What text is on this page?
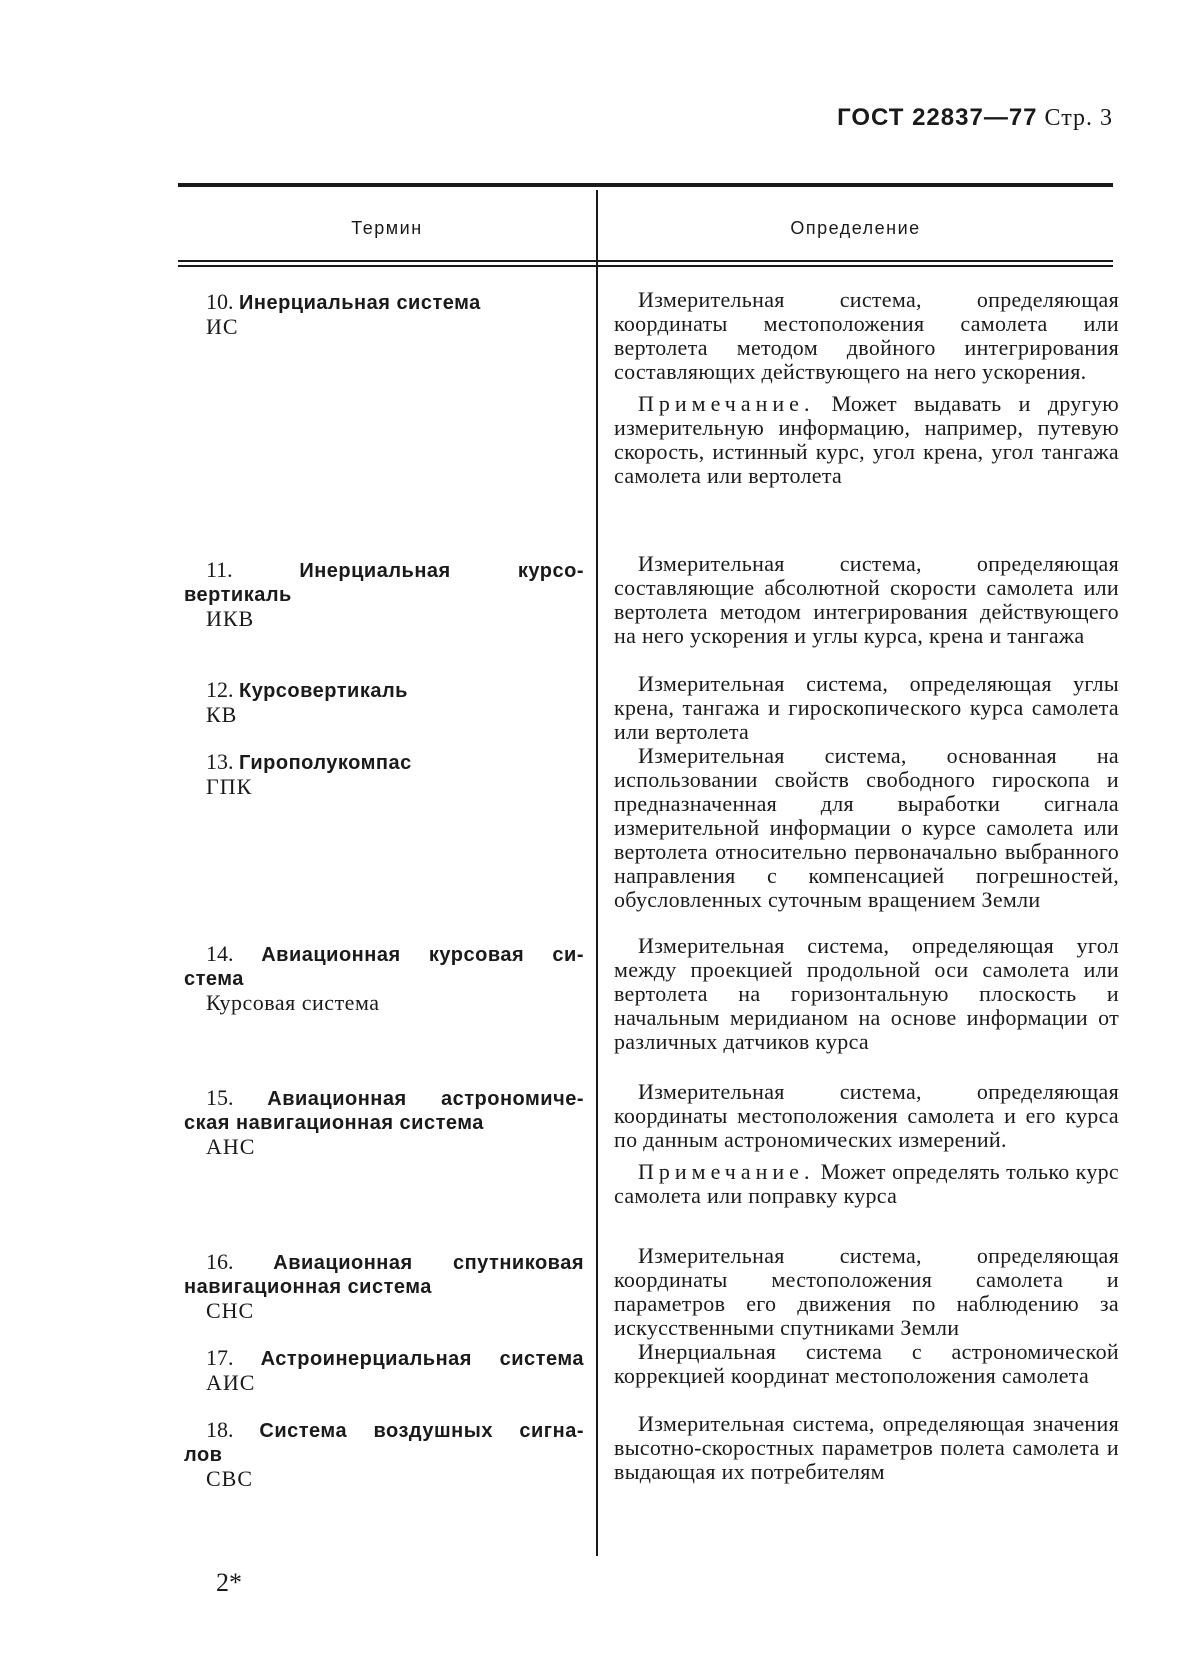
ГОСТ 22837—77 Стр. 3
Термин	Определение
10. Инерциальная система
ИС
Измерительная система, определяющая координаты местоположения самолета или вертолета методом двойного интегрирования составляющих действующего на него ускорения.
Примечание. Может выдавать и другую измерительную информацию, например, путевую скорость, истинный курс, угол крена, угол тангажа самолета или вертолета
11.	Инерциальная курсо-
вертикаль
ИКВ
Измерительная система, определяющая составляющие абсолютной скорости самолета или вертолета методом интегрирования действующего на него ускорения и углы курса, крена и тангажа
12. Курсовертикаль
КВ
Измерительная система, определяющая углы крена, тангажа и гироскопического курса самолета или вертолета
13. Гирополукомпас
ГПК
Измерительная система, основанная на использовании свойств свободного гироскопа и предназначенная для выработки сигнала измерительной информации о курсе самолета или вертолета относительно первоначально выбранного направления с компенсацией погрешностей, обусловленных суточным вращением Земли
14. Авиационная курсовая си-
стема
Курсовая система
Измерительная система, определяющая угол между проекцией продольной оси самолета или вертолета на горизонтальную плоскость и начальным меридианом на основе информации от различных датчиков курса
15. Авиационная астрономиче-
ская навигационная система
АНС
Измерительная система, определяющая координаты местоположения самолета и его курса по данным астрономических измерений.
Примечание. Может определять только курс самолета или поправку курса
16. Авиационная спутниковая
навигационная система
СНС
Измерительная система, определяющая координаты местоположения самолета и параметров его движения по наблюдению за искусственными спутниками Земли
17. Астроинерциальная система
АИС
Инерциальная система с астрономической коррекцией координат местоположения самолета
18. Система воздушных сигна-
лов
СВС
Измерительная система, определяющая значения высотно-скоростных параметров полета самолета и выдающая их потребителям
2*
